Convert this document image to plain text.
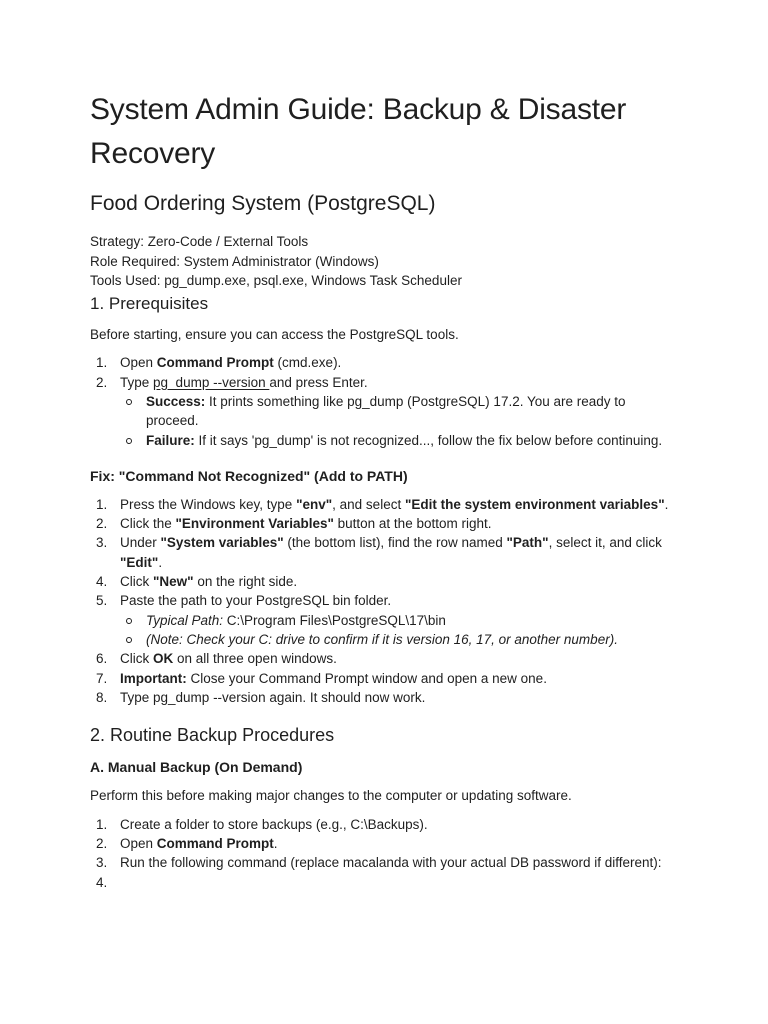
System Admin Guide: Backup & Disaster
Recovery
Food Ordering System (PostgreSQL)
Strategy: Zero-Code / External Tools
Role Required: System Administrator (Windows)
Tools Used: pg_dump.exe, psql.exe, Windows Task Scheduler
1. Prerequisites

Before starting, ensure you can access the PostgreSQL tools.

1. Open Command Prompt (cmd.exe).
2. Type pg_dump --version and press Enter.
Success: It prints something like pg_dump (PostgreSQL) 17.2. You are ready to proceed.
Failure: If it says 'pg_dump' is not recognized..., follow the fix below before continuing.
Fix: "Command Not Recognized" (Add to PATH)
1. Press the Windows key, type "env", and select "Edit the system environment variables".
2. Click the "Environment Variables" button at the bottom right.
3. Under "System variables" (the bottom list), find the row named "Path", select it, and click "Edit".
4. Click "New" on the right side.
5. Paste the path to your PostgreSQL bin folder.
Typical Path: C:\Program Files\PostgreSQL\17\bin
(Note: Check your C: drive to confirm if it is version 16, 17, or another number).
6. Click OK on all three open windows.
7. Important: Close your Command Prompt window and open a new one.
8. Type pg_dump --version again. It should now work.
2. Routine Backup Procedures
A. Manual Backup (On Demand)

Perform this before making major changes to the computer or updating software.

1. Create a folder to store backups (e.g., C:\Backups).
2. Open Command Prompt.
3. Run the following command (replace macalanda with your actual DB password if different):
4.
